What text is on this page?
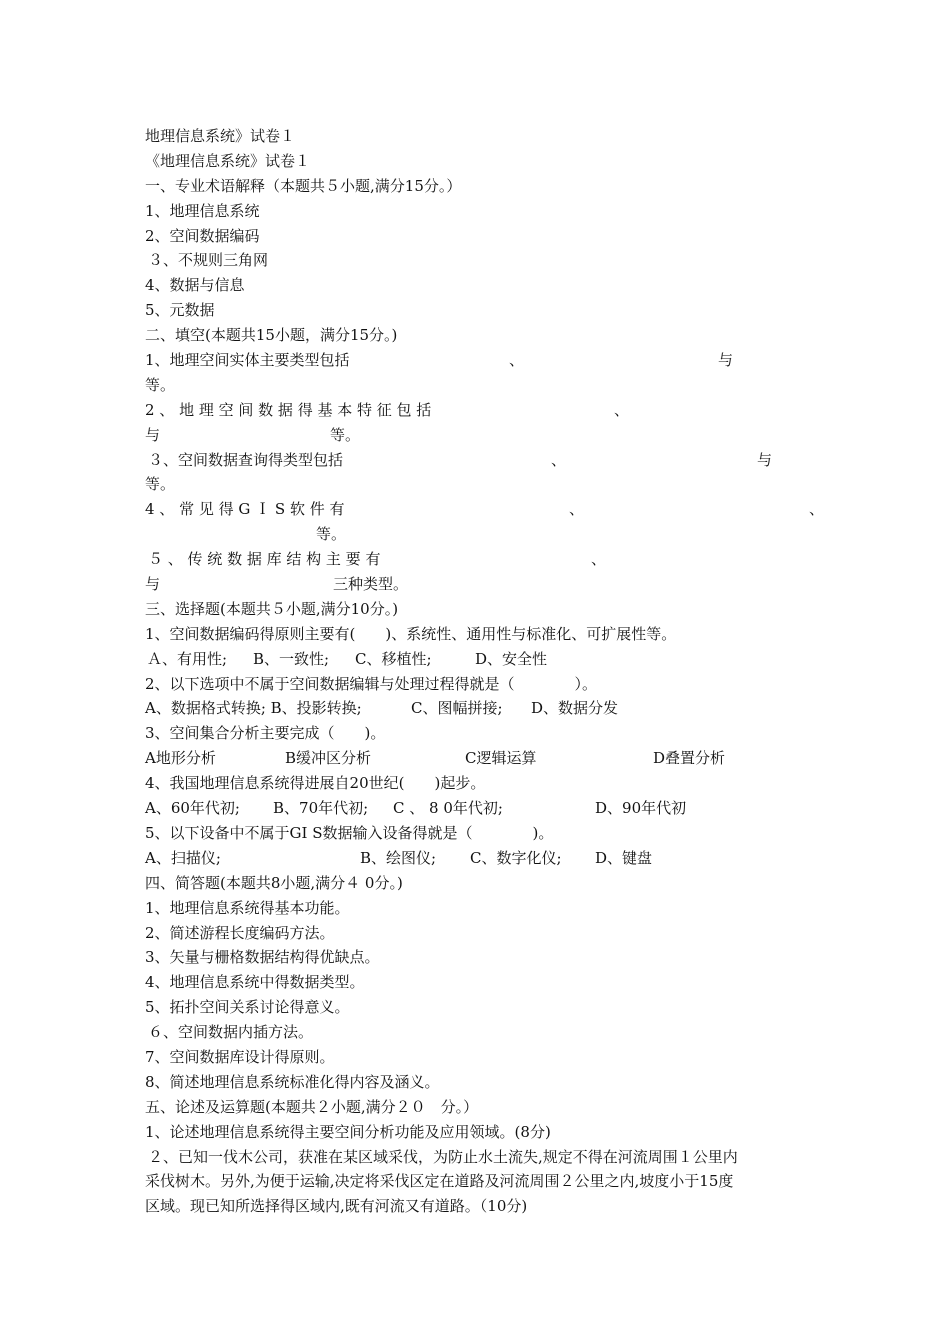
地理信息系统》试卷１
《地理信息系统》试卷１
一、专业术语解释（本题共５小题,满分15分。）
1、地理信息系统
2、空间数据编码
３、不规则三角网
4、数据与信息
5、元数据
二、填空(本题共15小题，满分15分。)
1、地理空间实体主要类型包括	、	与
等。
2 、 地 理 空 间 数 据 得 基 本 特 征 包 括	、
与	等。
３、空间数据查询得类型包括	、	与
等。
4 、 常 见 得 G Ｉ S 软 件 有	、	、
等。
５ 、 传 统 数 据 库 结 构 主 要 有	、
与	三种类型。
三、选择题(本题共５小题,满分10分。)
1、空间数据编码得原则主要有(　　)、系统性、通用性与标准化、可扩展性等。
Ａ、有用性; B、一致性; C、移植性;	D、安全性
2、以下选项中不属于空间数据编辑与处理过程得就是（　　　　）。
A、数据格式转换; B、投影转换;	C、图幅拼接; D、数据分发
3、空间集合分析主要完成（　　)。
A地形分析	B缓冲区分析	C逻辑运算	D叠置分析
4、我国地理信息系统得进展自20世纪(　　)起步。
A、60年代初; B、70年代初; C 、 8 0年代初;	D、90年代初
5、以下设备中不属于GI S数据输入设备得就是（　　　　)。
A、扫描仪;	B、绘图仪; C、数字化仪; D、键盘
四、简答题(本题共8小题,满分４ 0分。)
1、地理信息系统得基本功能。
2、简述游程长度编码方法。
3、矢量与栅格数据结构得优缺点。
4、地理信息系统中得数据类型。
5、拓扑空间关系讨论得意义。
６、空间数据内插方法。
7、空间数据库设计得原则。
8、简述地理信息系统标准化得内容及涵义。
五、论述及运算题(本题共２小题,满分２０　分。）
1、论述地理信息系统得主要空间分析功能及应用领域。(8分)
２、已知一伐木公司，获准在某区域采伐，为防止水土流失,规定不得在河流周围１公里内
采伐树木。另外,为便于运输,决定将采伐区定在道路及河流周围２公里之内,坡度小于15度
区域。现已知所选择得区域内,既有河流又有道路。（10分)
